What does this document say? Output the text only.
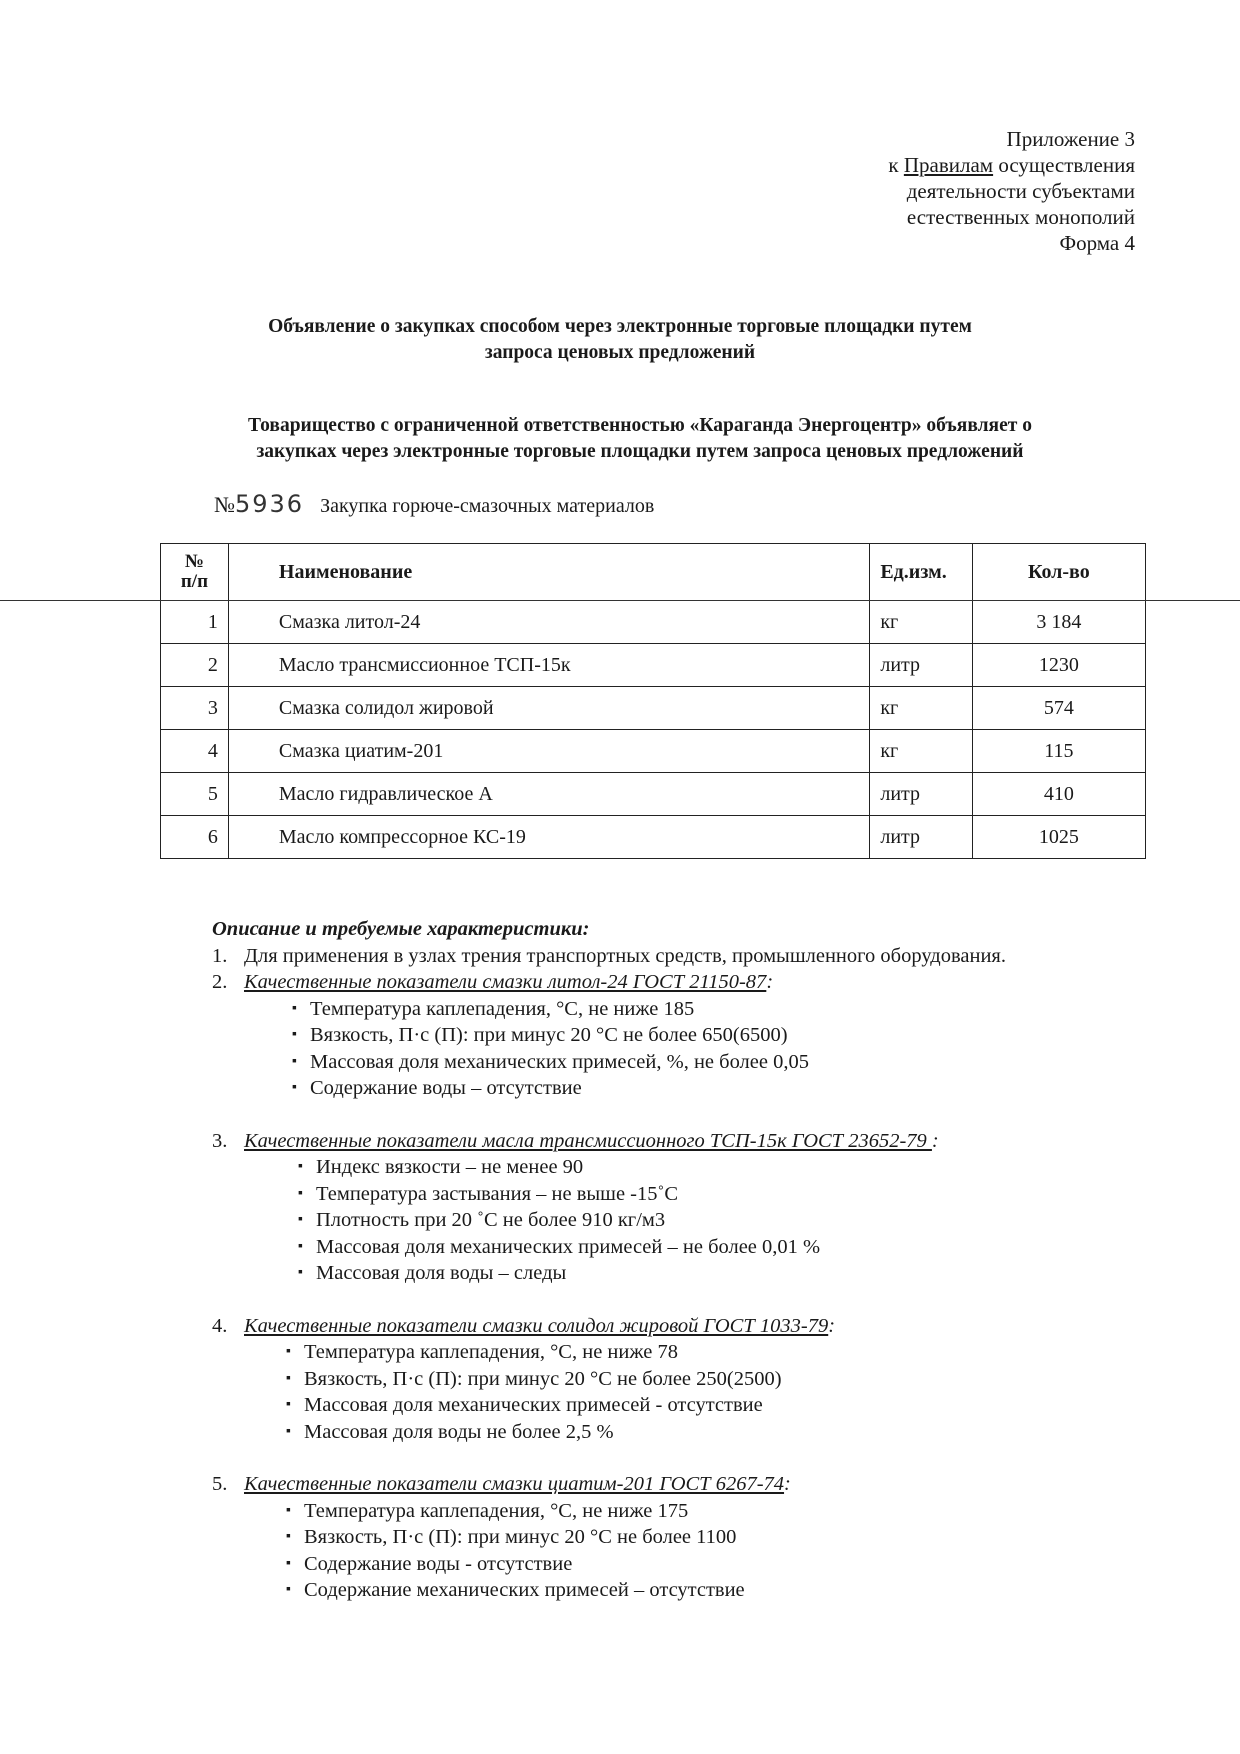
Приложение 3
к Правилам осуществления
деятельности субъектами
естественных монополий
Форма 4
Объявление о закупках способом через электронные торговые площадки путем
запроса ценовых предложений
Товарищество с ограниченной ответственностью «Караганда Энергоцентр» объявляет о
закупках через электронные торговые площадки путем запроса ценовых предложений
№5936 Закупка горюче-смазочных материалов
№
п/п	Наименование	Ед.изм.	Кол-во
1	Смазка литол-24	кг	3 184
2	Масло трансмиссионное ТСП-15к	литр	1230
3	Смазка солидол жировой	кг	574
4	Смазка циатим-201	кг	115
5	Масло гидравлическое А	литр	410
6	Масло компрессорное КС-19	литр	1025
Описание и требуемые характеристики:
1. Для применения в узлах трения транспортных средств, промышленного оборудования.
2. Качественные показатели смазки литол-24 ГОСТ 21150-87:
▪ Температура каплепадения, °С, не ниже 185
▪ Вязкость, П·с (П): при минус 20 °С не более 650(6500)
▪ Массовая доля механических примесей, %, не более 0,05
▪ Содержание воды – отсутствие
3. Качественные показатели масла трансмиссионного ТСП-15к ГОСТ 23652-79 :
▪ Индекс вязкости – не менее 90
▪ Температура застывания – не выше -15˚С
▪ Плотность при 20 ˚С не более 910 кг/м3
▪ Массовая доля механических примесей – не более 0,01 %
▪ Массовая доля воды – следы
4. Качественные показатели смазки солидол жировой ГОСТ 1033-79:
▪ Температура каплепадения, °С, не ниже 78
▪ Вязкость, П·с (П): при минус 20 °С не более 250(2500)
▪ Массовая доля механических примесей - отсутствие
▪ Массовая доля воды не более 2,5 %
5. Качественные показатели смазки циатим-201 ГОСТ 6267-74:
▪ Температура каплепадения, °С, не ниже 175
▪ Вязкость, П·с (П): при минус 20 °С не более 1100
▪ Содержание воды - отсутствие
▪ Содержание механических примесей – отсутствие
